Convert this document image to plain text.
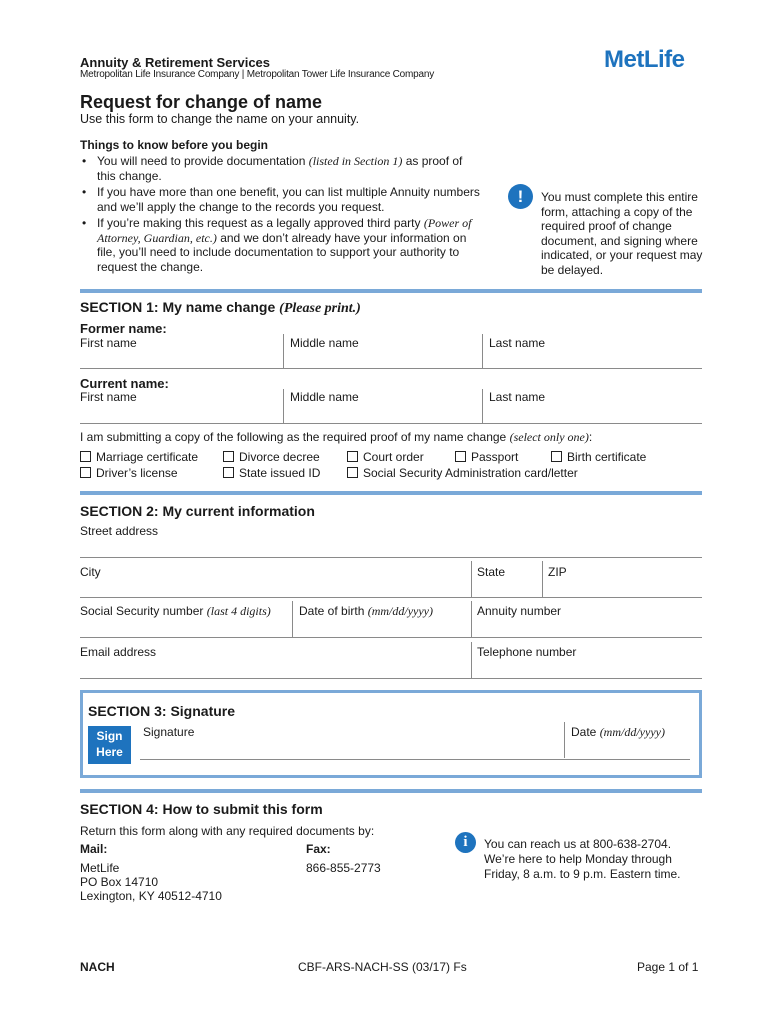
Annuity & Retirement Services
Metropolitan Life Insurance Company | Metropolitan Tower Life Insurance Company
MetLife
Request for change of name
Use this form to change the name on your annuity.
Things to know before you begin
• You will need to provide documentation (listed in Section 1) as proof of this change.
• If you have more than one benefit, you can list multiple Annuity numbers and we’ll apply the change to the records you request.
• If you’re making this request as a legally approved third party (Power of Attorney, Guardian, etc.) and we don’t already have your information on file, you’ll need to include documentation to support your authority to request the change.
!	You must complete this entire form, attaching a copy of the required proof of change document, and signing where indicated, or your request may be delayed.
SECTION 1: My name change (Please print.)
Former name:
First name	Middle name	Last name
Current name:
First name	Middle name	Last name
I am submitting a copy of the following as the required proof of my name change (select only one):
Marriage certificate	Divorce decree	Court order	Passport	Birth certificate
Driver’s license	State issued ID	Social Security Administration card/letter
SECTION 2: My current information
Street address
City	State	ZIP
Social Security number (last 4 digits) Date of birth (mm/dd/yyyy)	Annuity number
Email address	Telephone number
SECTION 3: Signature
Sign
Here
Signature	Date (mm/dd/yyyy)
SECTION 4: How to submit this form
Return this form along with any required documents by:
Mail:
MetLife
PO Box 14710
Lexington, KY 40512-4710
Fax:
866-855-2773
i	You can reach us at 800-638-2704.
We’re here to help Monday through
Friday, 8 a.m. to 9 p.m. Eastern time.
NACH	CBF-ARS-NACH-SS (03/17) Fs	Page 1 of 1
